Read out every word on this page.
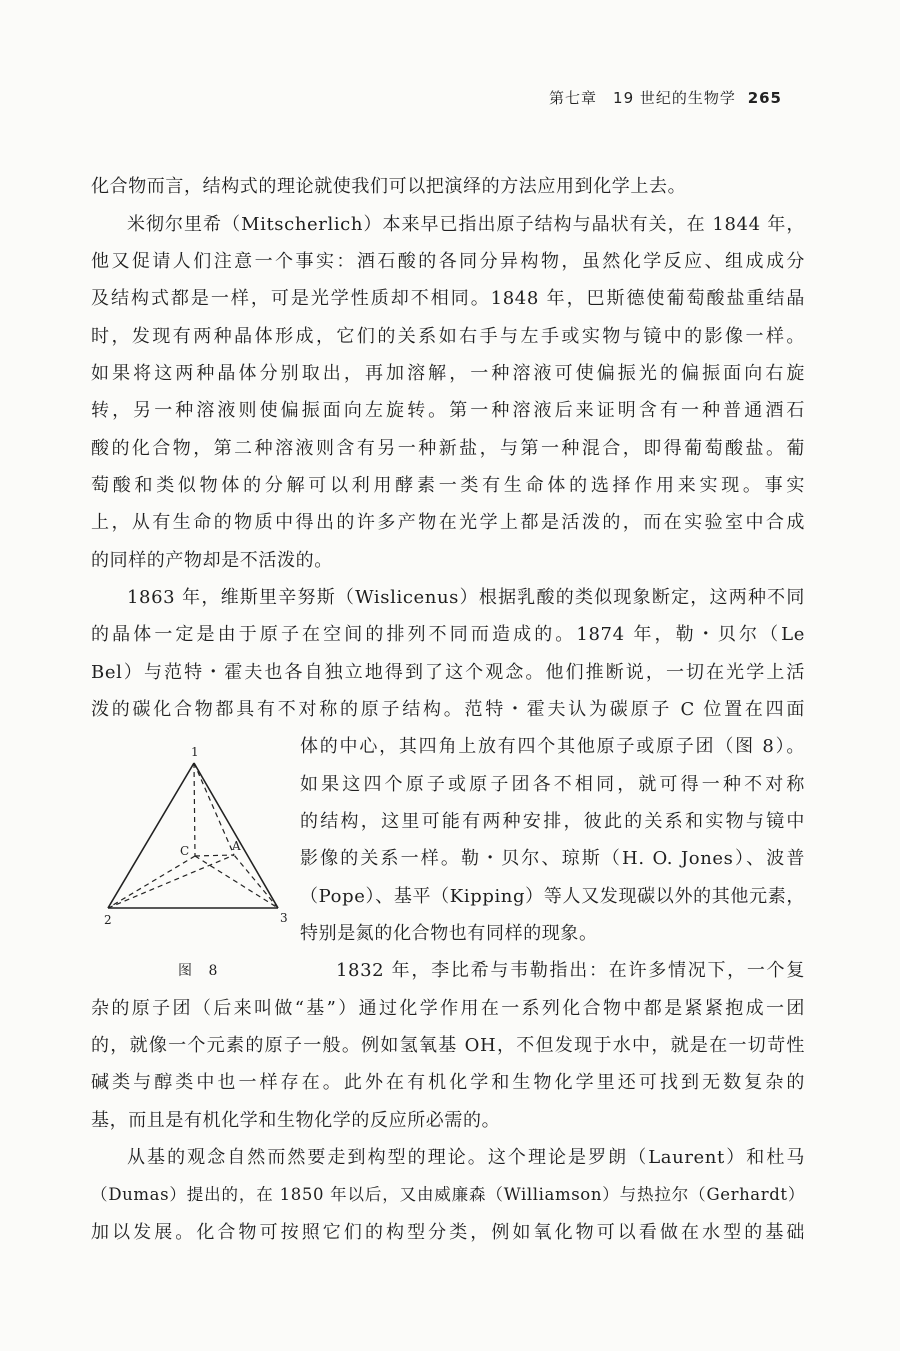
第七章　19 世纪的生物学 265
化合物而言，结构式的理论就使我们可以把演绎的方法应用到化学上去。
米彻尔里希（Mitscherlich）本来早已指出原子结构与晶状有关，在 1844 年，
他又促请人们注意一个事实：酒石酸的各同分异构物，虽然化学反应、组成成分
及结构式都是一样，可是光学性质却不相同。1848 年，巴斯德使葡萄酸盐重结晶
时，发现有两种晶体形成，它们的关系如右手与左手或实物与镜中的影像一样。
如果将这两种晶体分别取出，再加溶解，一种溶液可使偏振光的偏振面向右旋
转，另一种溶液则使偏振面向左旋转。第一种溶液后来证明含有一种普通酒石
酸的化合物，第二种溶液则含有另一种新盐，与第一种混合，即得葡萄酸盐。葡
萄酸和类似物体的分解可以利用酵素一类有生命体的选择作用来实现。事实
上，从有生命的物质中得出的许多产物在光学上都是活泼的，而在实验室中合成
的同样的产物却是不活泼的。
1863 年，维斯里辛努斯（Wislicenus）根据乳酸的类似现象断定，这两种不同
的晶体一定是由于原子在空间的排列不同而造成的。1874 年，勒・贝尔（Le
Bel）与范特・霍夫也各自独立地得到了这个观念。他们推断说，一切在光学上活
泼的碳化合物都具有不对称的原子结构。范特・霍夫认为碳原子 C 位置在四面
体的中心，其四角上放有四个其他原子或原子团（图 8）。
如果这四个原子或原子团各不相同，就可得一种不对称
的结构，这里可能有两种安排，彼此的关系和实物与镜中
影像的关系一样。勒・贝尔、琼斯（H. O. Jones）、波普
（Pope）、基平（Kipping）等人又发现碳以外的其他元素，
特别是氮的化合物也有同样的现象。
1832 年，李比希与韦勒指出：在许多情况下，一个复
杂的原子团（后来叫做“基”）通过化学作用在一系列化合物中都是紧紧抱成一团
的，就像一个元素的原子一般。例如氢氧基 OH，不但发现于水中，就是在一切苛性
碱类与醇类中也一样存在。此外在有机化学和生物化学里还可找到无数复杂的
基，而且是有机化学和生物化学的反应所必需的。
从基的观念自然而然要走到构型的理论。这个理论是罗朗（Laurent）和杜马
（Dumas）提出的，在 1850 年以后，又由威廉森（Williamson）与热拉尔（Gerhardt）
加以发展。化合物可按照它们的构型分类，例如氧化物可以看做在水型的基础
1
2	3
C	A
图 8
